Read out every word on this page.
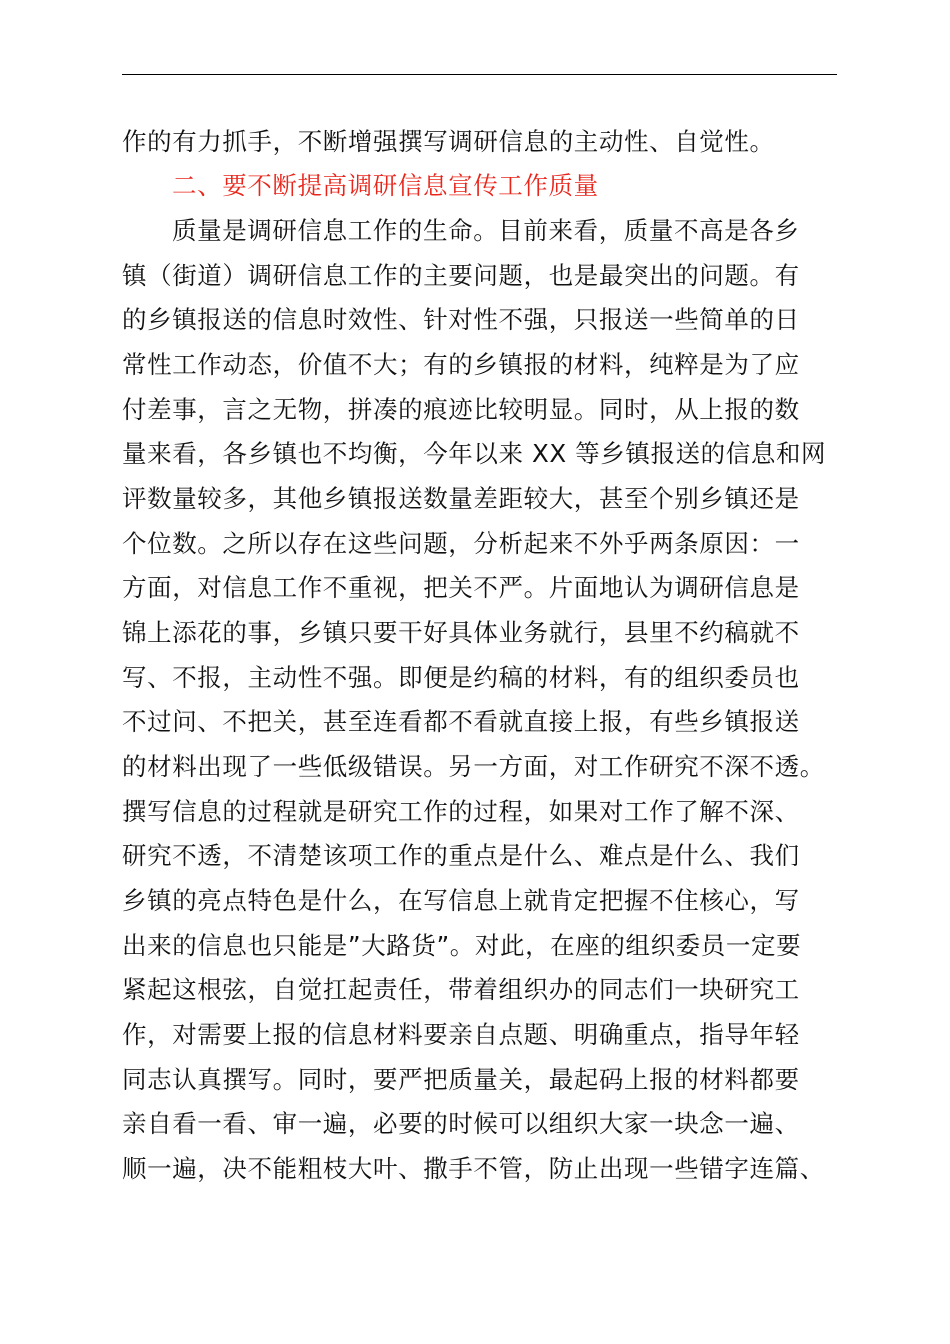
作的有力抓手，不断增强撰写调研信息的主动性、自觉性。
二、要不断提高调研信息宣传工作质量
质量是调研信息工作的生命。目前来看，质量不高是各乡
镇（街道）调研信息工作的主要问题，也是最突出的问题。有
的乡镇报送的信息时效性、针对性不强，只报送一些简单的日
常性工作动态，价值不大；有的乡镇报的材料，纯粹是为了应
付差事，言之无物，拼凑的痕迹比较明显。同时，从上报的数
量来看，各乡镇也不均衡，今年以来 XX 等乡镇报送的信息和网
评数量较多，其他乡镇报送数量差距较大，甚至个别乡镇还是
个位数。之所以存在这些问题，分析起来不外乎两条原因：一
方面，对信息工作不重视，把关不严。片面地认为调研信息是
锦上添花的事，乡镇只要干好具体业务就行，县里不约稿就不
写、不报，主动性不强。即便是约稿的材料，有的组织委员也
不过问、不把关，甚至连看都不看就直接上报，有些乡镇报送
的材料出现了一些低级错误。另一方面，对工作研究不深不透。
撰写信息的过程就是研究工作的过程，如果对工作了解不深、
研究不透，不清楚该项工作的重点是什么、难点是什么、我们
乡镇的亮点特色是什么，在写信息上就肯定把握不住核心，写
出来的信息也只能是”大路货”。对此，在座的组织委员一定要
紧起这根弦，自觉扛起责任，带着组织办的同志们一块研究工
作，对需要上报的信息材料要亲自点题、明确重点，指导年轻
同志认真撰写。同时，要严把质量关，最起码上报的材料都要
亲自看一看、审一遍，必要的时候可以组织大家一块念一遍、
顺一遍，决不能粗枝大叶、撒手不管，防止出现一些错字连篇、
